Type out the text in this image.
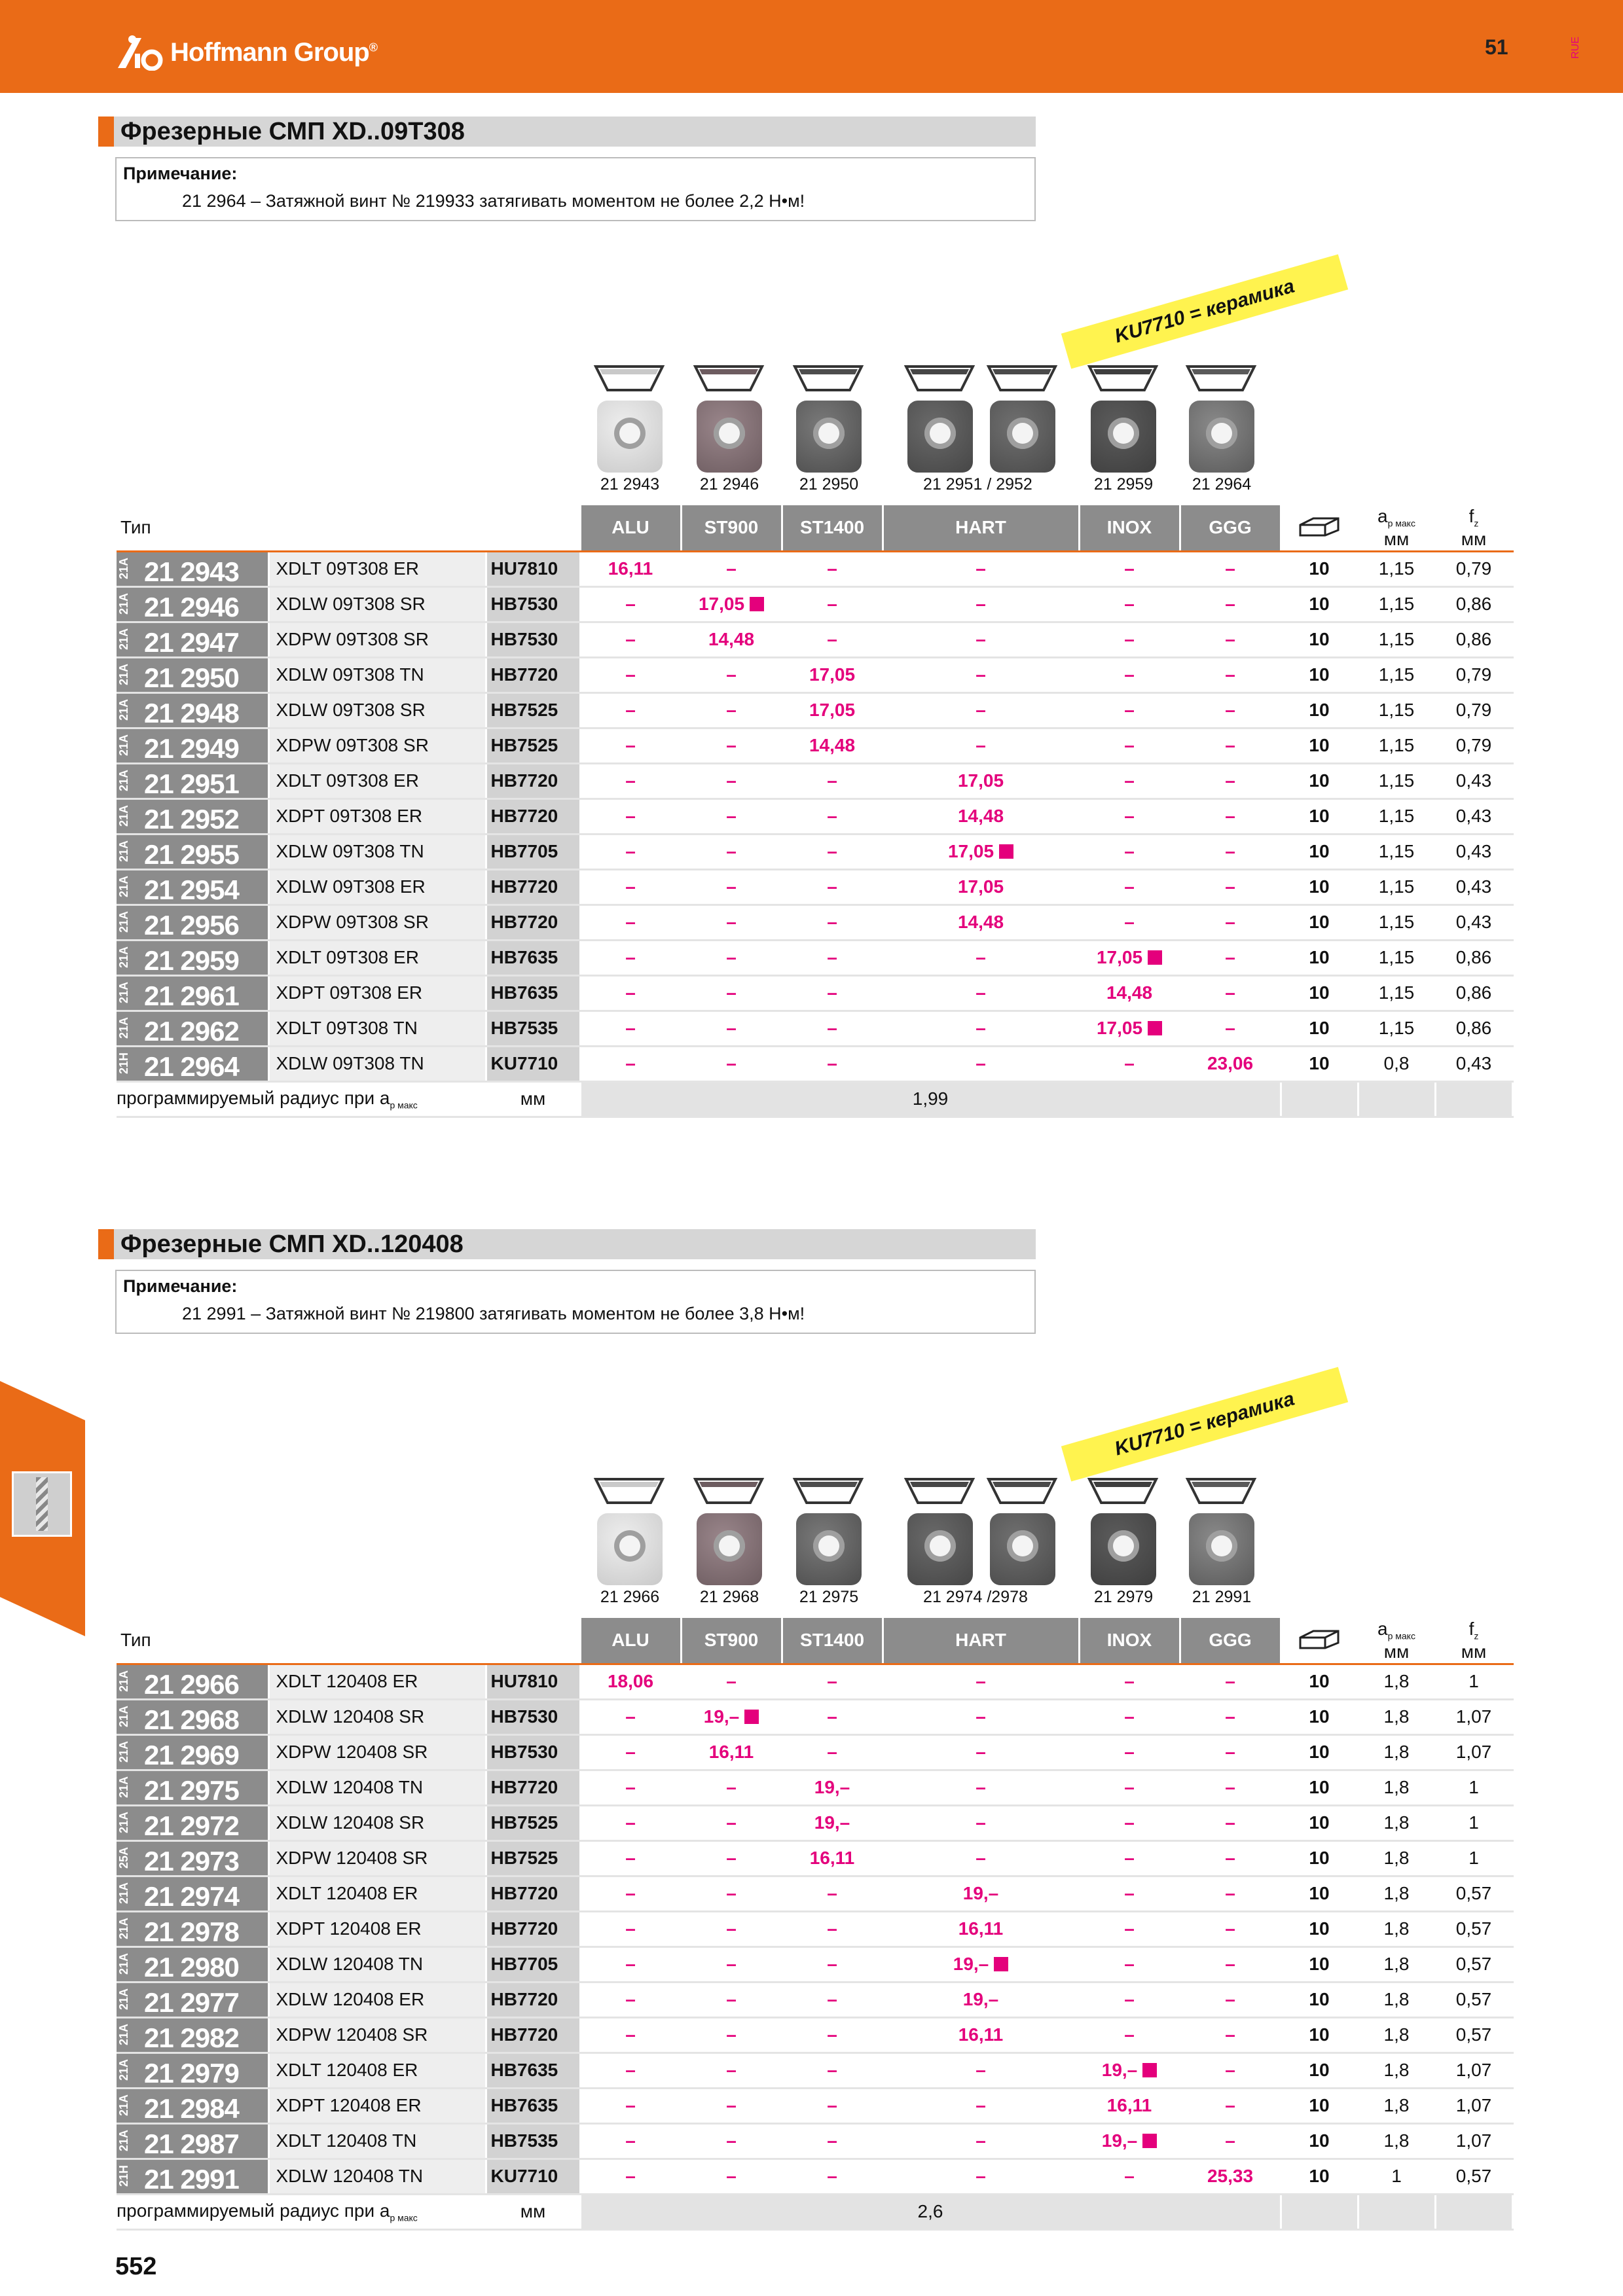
Hoffmann Group®	51	RUE
Фрезерные СМП XD..09T308
Примечание:
21 2964 – Затяжной винт № 219933 затягивать моментом не более 2,2 Н•м!
KU7710 = керамика
21 2943	21 2946	21 2950	21 2951 / 2952	21 2959	21 2964
Тип			ALU	ST900	ST1400	HART	INOX	GGG		$a_{p макс}$
мм	$f_z$
мм

21A 21 2943	XDLT 09T308 ER	HU7810	16,11	–	–	–	–	–	10	1,15	0,79

21A 21 2946	XDLW 09T308 SR	HB7530	–	17,05	–	–	–	–	10	1,15	0,86

21A 21 2947	XDPW 09T308 SR	HB7530	–	14,48	–	–	–	–	10	1,15	0,86

21A 21 2950	XDLW 09T308 TN	HB7720	–	–	17,05	–	–	–	10	1,15	0,79

21A 21 2948	XDLW 09T308 SR	HB7525	–	–	17,05	–	–	–	10	1,15	0,79

21A 21 2949	XDPW 09T308 SR	HB7525	–	–	14,48	–	–	–	10	1,15	0,79

21A 21 2951	XDLT 09T308 ER	HB7720	–	–	–	17,05	–	–	10	1,15	0,43

21A 21 2952	XDPT 09T308 ER	HB7720	–	–	–	14,48	–	–	10	1,15	0,43

21A 21 2955	XDLW 09T308 TN	HB7705	–	–	–	17,05	–	–	10	1,15	0,43

21A 21 2954	XDLW 09T308 ER	HB7720	–	–	–	17,05	–	–	10	1,15	0,43

21A 21 2956	XDPW 09T308 SR	HB7720	–	–	–	14,48	–	–	10	1,15	0,43

21A 21 2959	XDLT 09T308 ER	HB7635	–	–	–	–	17,05	–	10	1,15	0,86

21A 21 2961	XDPT 09T308 ER	HB7635	–	–	–	–	14,48	–	10	1,15	0,86

21A 21 2962	XDLT 09T308 TN	HB7535	–	–	–	–	17,05	–	10	1,15	0,86

21H 21 2964	XDLW 09T308 TN	KU7710	–	–	–	–	–	23,06	10	0,8	0,43
программируемый радиус при $a_{p макс}$		мм	1,99								
Фрезерные СМП XD..120408
Примечание:
21 2991 – Затяжной винт № 219800 затягивать моментом не более 3,8 Н•м!
KU7710 = керамика
21 2966	21 2968	21 2975	21 2974 /2978	21 2979	21 2991
Тип			ALU	ST900	ST1400	HART	INOX	GGG		$a_{p макс}$
мм	$f_z$
мм

21A 21 2966	XDLT 120408 ER	HU7810	18,06	–	–	–	–	–	10	1,8	1

21A 21 2968	XDLW 120408 SR	HB7530	–	19,–	–	–	–	–	10	1,8	1,07

21A 21 2969	XDPW 120408 SR	HB7530	–	16,11	–	–	–	–	10	1,8	1,07

21A 21 2975	XDLW 120408 TN	HB7720	–	–	19,–	–	–	–	10	1,8	1

21A 21 2972	XDLW 120408 SR	HB7525	–	–	19,–	–	–	–	10	1,8	1

25A 21 2973	XDPW 120408 SR	HB7525	–	–	16,11	–	–	–	10	1,8	1

21A 21 2974	XDLT 120408 ER	HB7720	–	–	–	19,–	–	–	10	1,8	0,57

21A 21 2978	XDPT 120408 ER	HB7720	–	–	–	16,11	–	–	10	1,8	0,57

21A 21 2980	XDLW 120408 TN	HB7705	–	–	–	19,–	–	–	10	1,8	0,57

21A 21 2977	XDLW 120408 ER	HB7720	–	–	–	19,–	–	–	10	1,8	0,57

21A 21 2982	XDPW 120408 SR	HB7720	–	–	–	16,11	–	–	10	1,8	0,57

21A 21 2979	XDLT 120408 ER	HB7635	–	–	–	–	19,–	–	10	1,8	1,07

21A 21 2984	XDPT 120408 ER	HB7635	–	–	–	–	16,11	–	10	1,8	1,07

21A 21 2987	XDLT 120408 TN	HB7535	–	–	–	–	19,–	–	10	1,8	1,07

21H 21 2991	XDLW 120408 TN	KU7710	–	–	–	–	–	25,33	10	1	0,57
программируемый радиус при $a_{p макс}$		мм	2,6								
552
